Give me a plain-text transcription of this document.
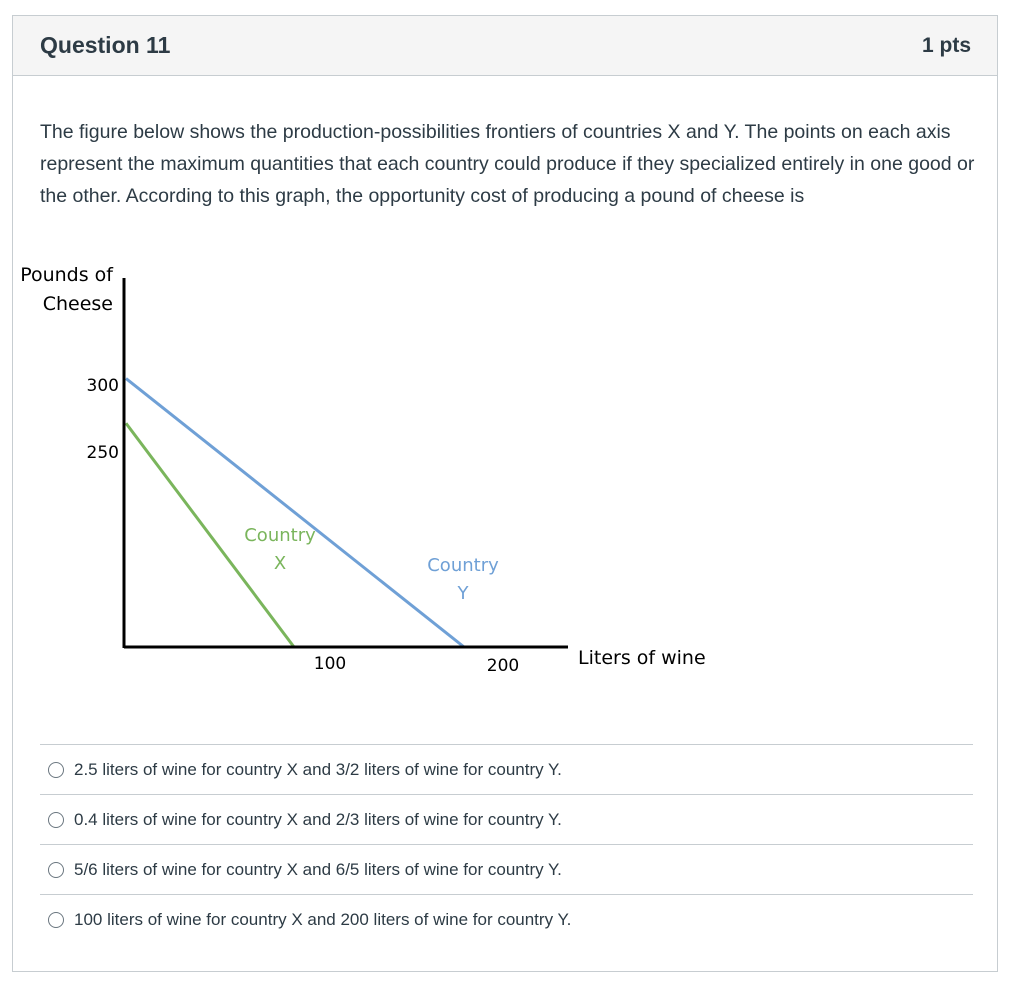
Question 11	1 pts
The figure below shows the production-possibilities frontiers of countries X and Y. The points on each axis represent the maximum quantities that each country could produce if they specialized entirely in one good or the other. According to this graph, the opportunity cost of producing a pound of cheese is
Pounds of
Cheese
300
250
100	200
Country
X	Country
Y
Liters of wine
2.5 liters of wine for country X and 3/2 liters of wine for country Y.
0.4 liters of wine for country X and 2/3 liters of wine for country Y.
5/6 liters of wine for country X and 6/5 liters of wine for country Y.
100 liters of wine for country X and 200 liters of wine for country Y.
